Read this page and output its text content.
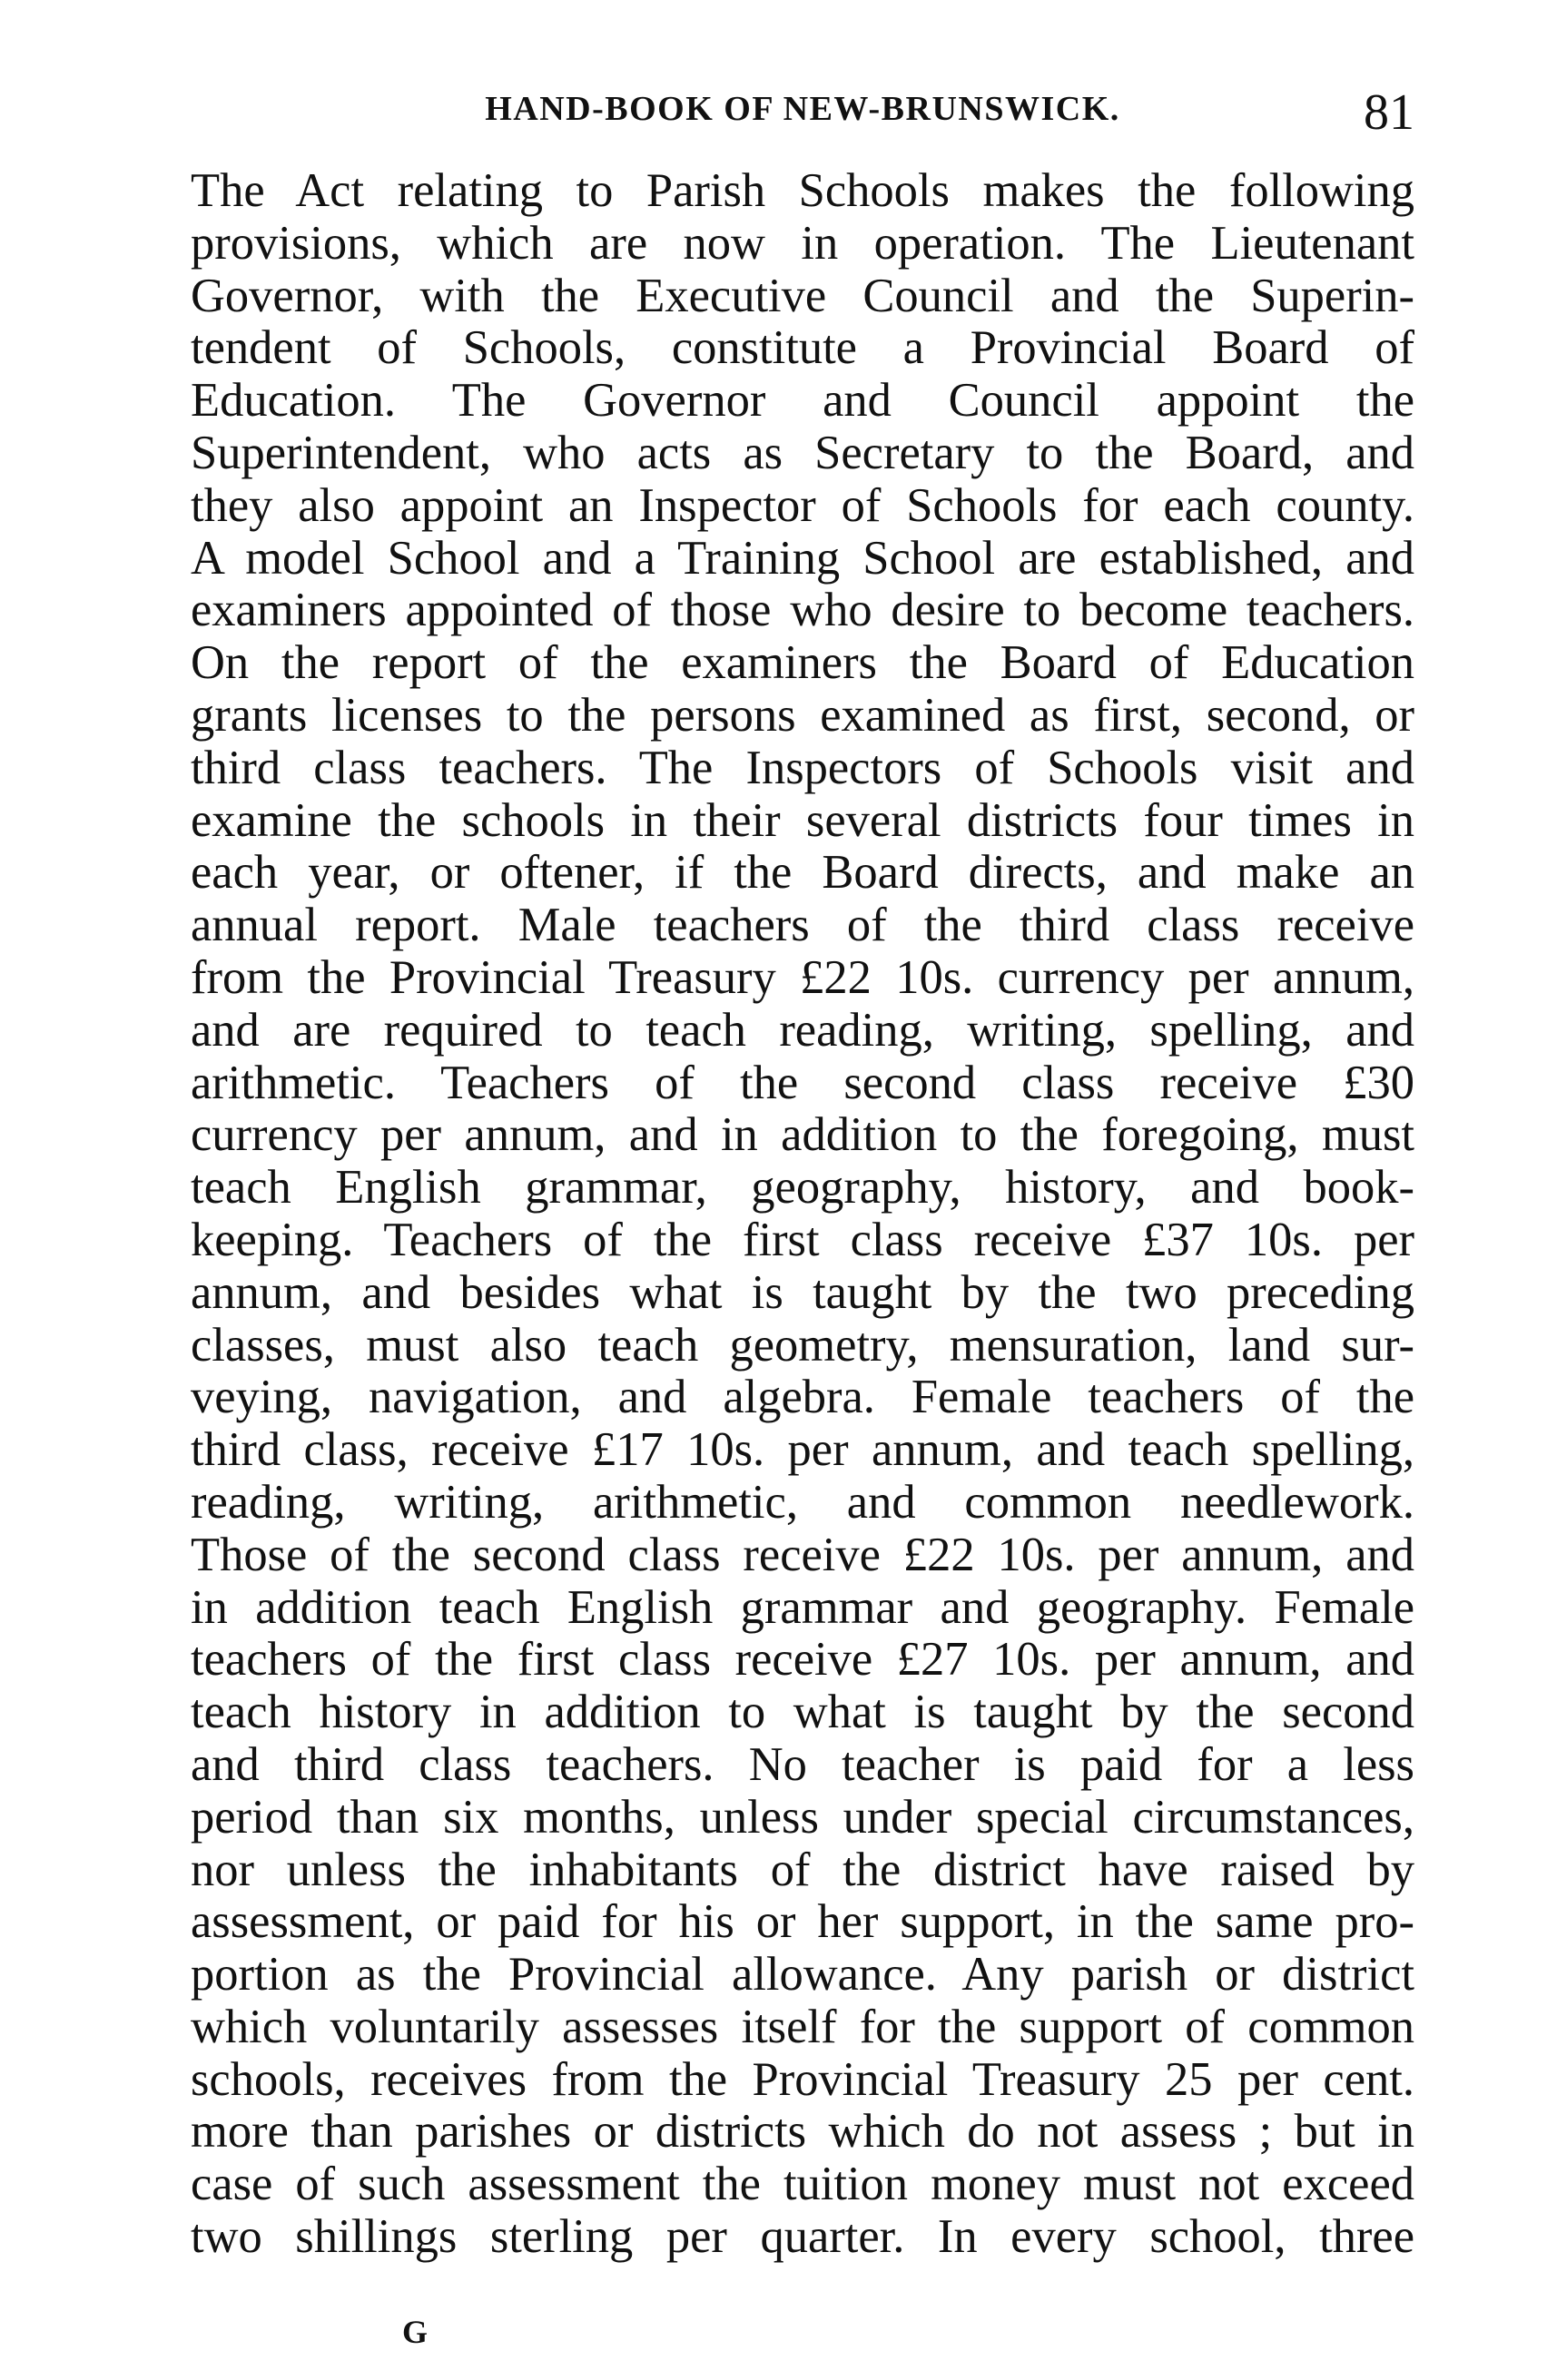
HAND-BOOK OF NEW-BRUNSWICK.	81
The Act relating to Parish Schools makes the following
provisions, which are now in operation. The Lieutenant
Governor, with the Executive Council and the Superin-
tendent of Schools, constitute a Provincial Board of
Education. The Governor and Council appoint the
Superintendent, who acts as Secretary to the Board, and
they also appoint an Inspector of Schools for each county.
A model School and a Training School are established, and
examiners appointed of those who desire to become teachers.
On the report of the examiners the Board of Education
grants licenses to the persons examined as first, second, or
third class teachers. The Inspectors of Schools visit and
examine the schools in their several districts four times in
each year, or oftener, if the Board directs, and make an
annual report. Male teachers of the third class receive
from the Provincial Treasury £22 10s. currency per annum,
and are required to teach reading, writing, spelling, and
arithmetic. Teachers of the second class receive £30
currency per annum, and in addition to the foregoing, must
teach English grammar, geography, history, and book-
keeping. Teachers of the first class receive £37 10s. per
annum, and besides what is taught by the two preceding
classes, must also teach geometry, mensuration, land sur-
veying, navigation, and algebra. Female teachers of the
third class, receive £17 10s. per annum, and teach spelling,
reading, writing, arithmetic, and common needlework.
Those of the second class receive £22 10s. per annum, and
in addition teach English grammar and geography. Female
teachers of the first class receive £27 10s. per annum, and
teach history in addition to what is taught by the second
and third class teachers. No teacher is paid for a less
period than six months, unless under special circumstances,
nor unless the inhabitants of the district have raised by
assessment, or paid for his or her support, in the same pro-
portion as the Provincial allowance. Any parish or district
which voluntarily assesses itself for the support of common
schools, receives from the Provincial Treasury 25 per cent.
more than parishes or districts which do not assess ; but in
case of such assessment the tuition money must not exceed
two shillings sterling per quarter. In every school, three
G
